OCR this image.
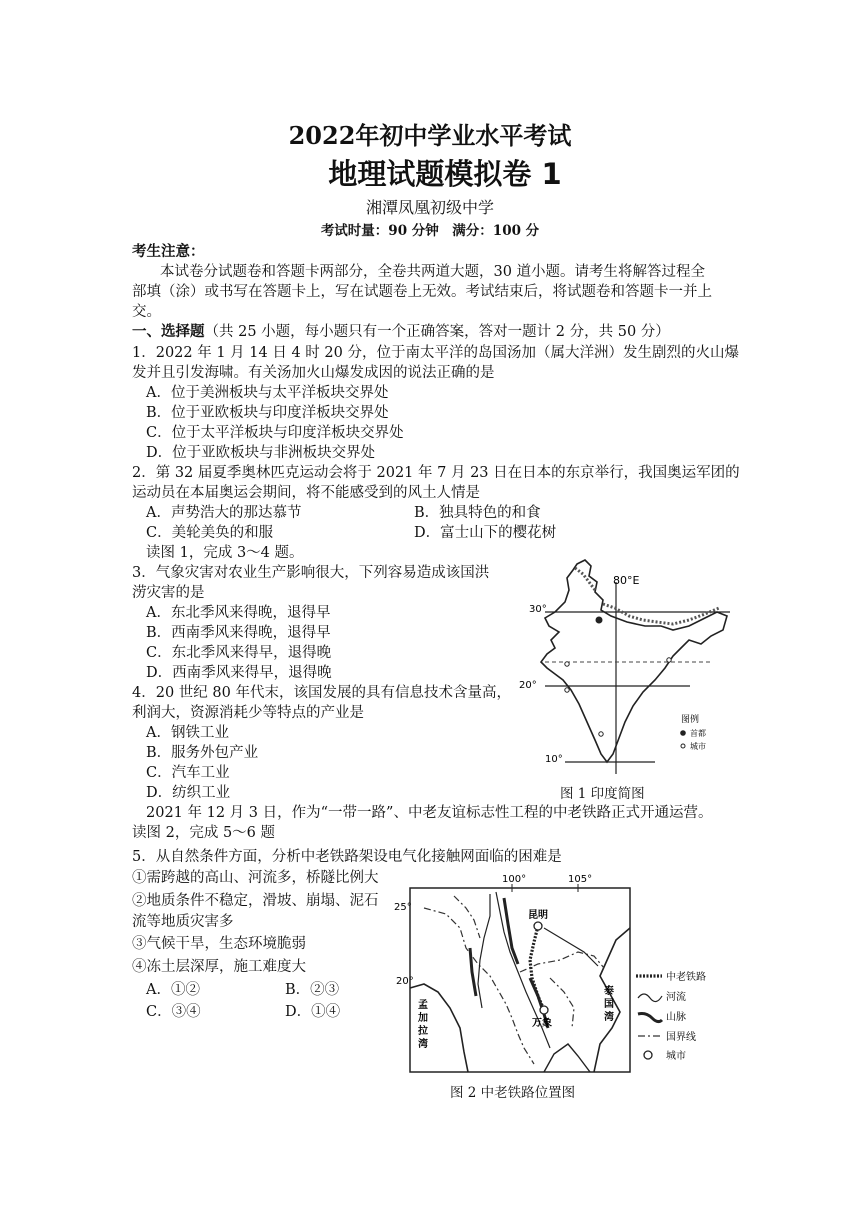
2022年初中学业水平考试
地理试题模拟卷 1
湘潭凤凰初级中学
考试时量：90 分钟　满分：100 分
考生注意：
本试卷分试题卷和答题卡两部分，全卷共两道大题，30 道小题。请考生将解答过程全
部填（涂）或书写在答题卡上，写在试题卷上无效。考试结束后，将试题卷和答题卡一并上
交。
一、选择题（共 25 小题，每小题只有一个正确答案，答对一题计 2 分，共 50 分）
1．2022 年 1 月 14 日 4 时 20 分，位于南太平洋的岛国汤加（属大洋洲）发生剧烈的火山爆
发并且引发海啸。有关汤加火山爆发成因的说法正确的是
A．位于美洲板块与太平洋板块交界处
B．位于亚欧板块与印度洋板块交界处
C．位于太平洋板块与印度洋板块交界处
D．位于亚欧板块与非洲板块交界处
2．第 32 届夏季奥林匹克运动会将于 2021 年 7 月 23 日在日本的东京举行，我国奥运军团的
运动员在本届奥运会期间，将不能感受到的风土人情是
A．声势浩大的那达慕节	B．独具特色的和食
C．美轮美奂的和服	D．富士山下的樱花树
读图 1，完成 3～4 题。
3．气象灾害对农业生产影响很大，下列容易造成该国洪
涝灾害的是
A．东北季风来得晚，退得早
B．西南季风来得晚，退得早
C．东北季风来得早，退得晚
D．西南季风来得早，退得晚
4．20 世纪 80 年代末，该国发展的具有信息技术含量高，
利润大，资源消耗少等特点的产业是
A．钢铁工业
B．服务外包产业
C．汽车工业
D．纺织工业
80°E
30°
20°
10°
图例
首都
城市
图 1 印度简图
2021 年 12 月 3 日，作为“一带一路”、中老友谊标志性工程的中老铁路正式开通运营。
读图 2，完成 5～6 题
5．从自然条件方面，分析中老铁路架设电气化接触网面临的困难是
①需跨越的高山、河流多，桥隧比例大
②地质条件不稳定，滑坡、崩塌、泥石
流等地质灾害多
③气候干旱，生态环境脆弱
④冻土层深厚，施工难度大
A．①②	B．②③
C．③④	D．①④
100°	105°
25°
20°
昆明
万象
孟
加
拉
湾
泰
国
湾
中老铁路
河流
山脉
国界线
城市
图 2 中老铁路位置图
